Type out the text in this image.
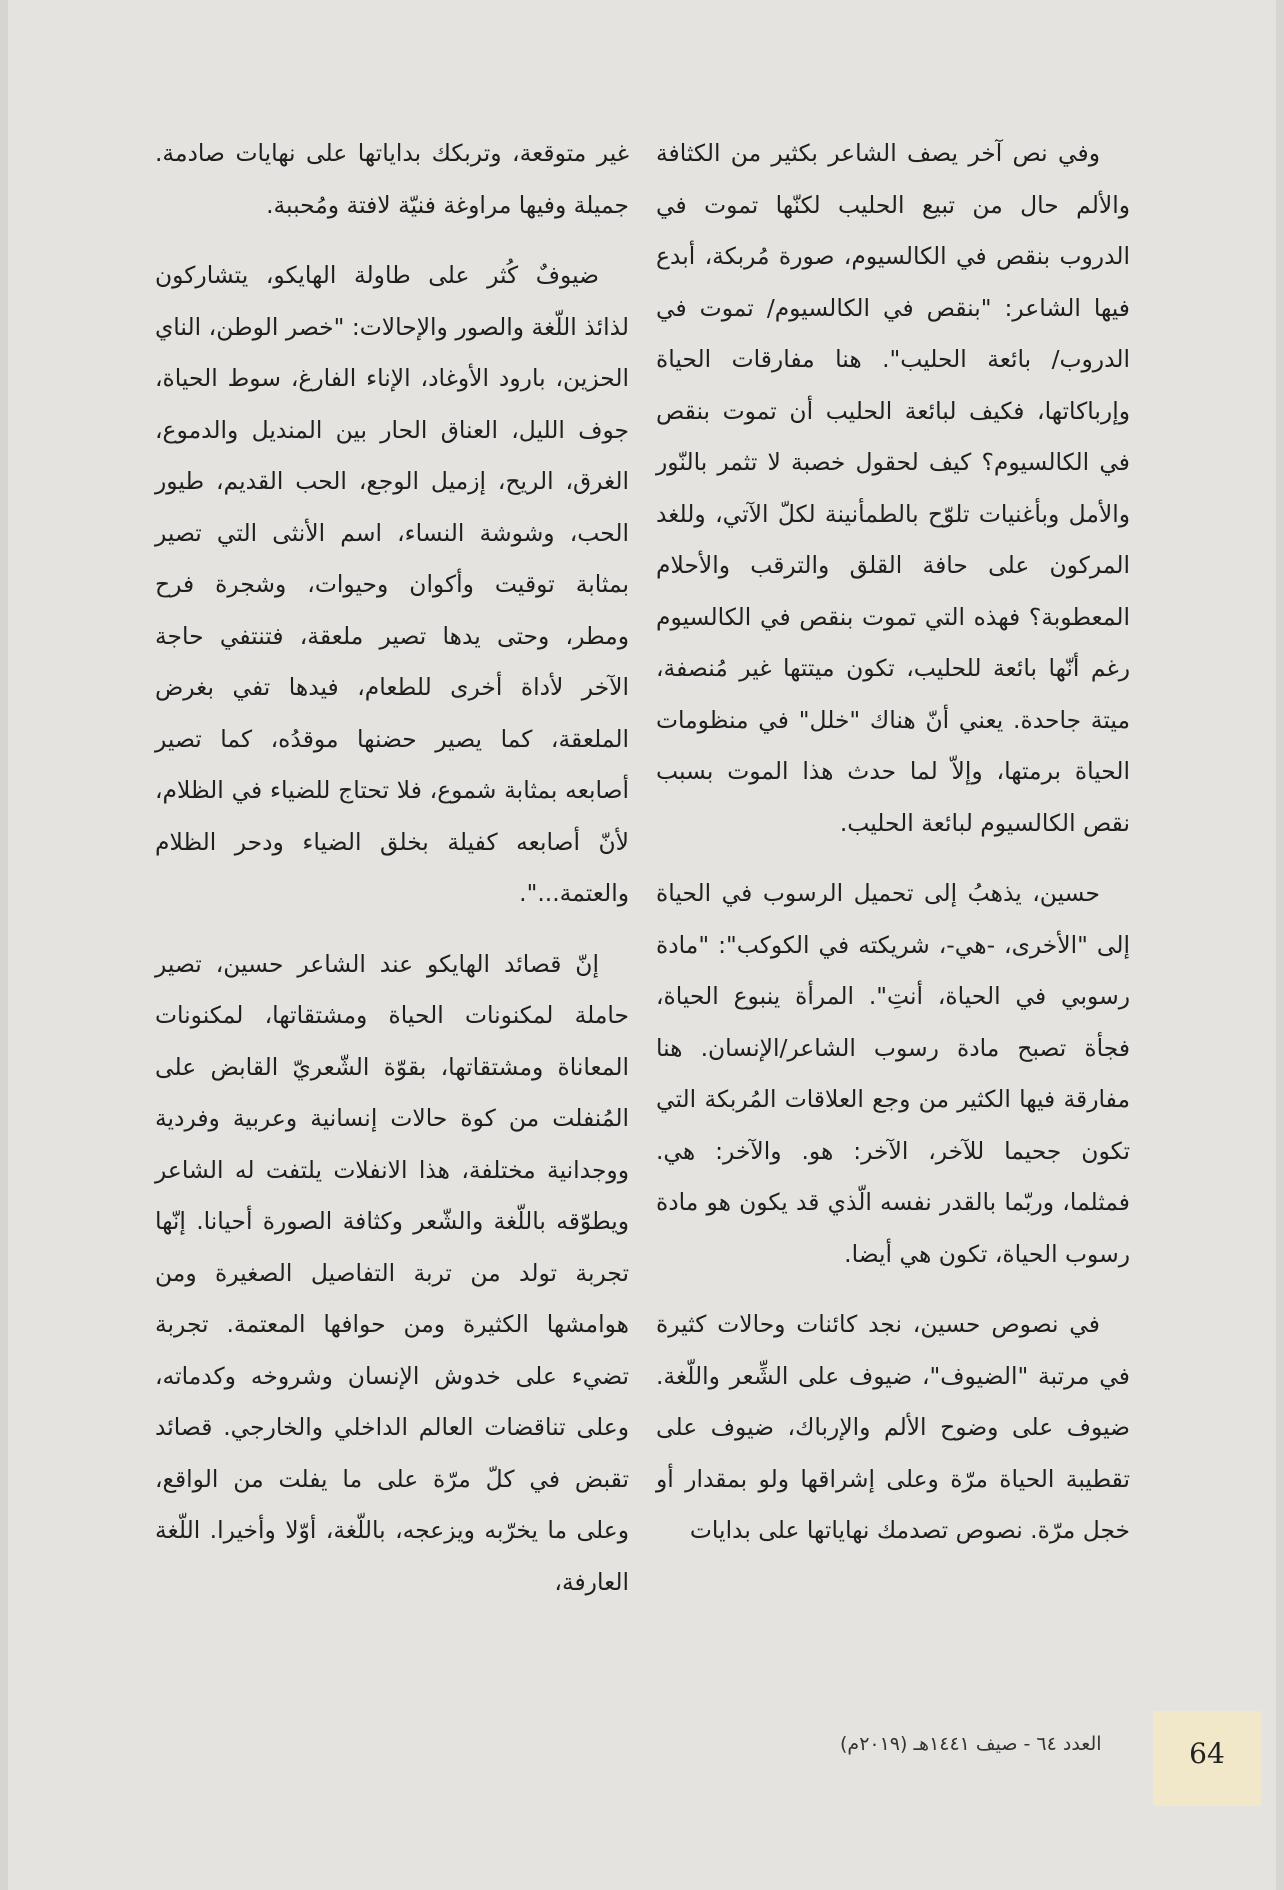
وفي نص آخر يصف الشاعر بكثير من الكثافة والألم حال من تبيع الحليب لكنّها تموت في الدروب بنقص في الكالسيوم، صورة مُربكة، أبدع فيها الشاعر: "بنقص في الكالسيوم/ تموت في الدروب/ بائعة الحليب". هنا مفارقات الحياة وإرباكاتها، فكيف لبائعة الحليب أن تموت بنقص في الكالسيوم؟ كيف لحقول خصبة لا تثمر بالنّور والأمل وبأغنيات تلوّح بالطمأنينة لكلّ الآتي، وللغد المركون على حافة القلق والترقب والأحلام المعطوبة؟ فهذه التي تموت بنقص في الكالسيوم رغم أنّها بائعة للحليب، تكون ميتتها غير مُنصفة، ميتة جاحدة. يعني أنّ هناك "خلل" في منظومات الحياة برمتها، وإلاّ لما حدث هذا الموت بسبب نقص الكالسيوم لبائعة الحليب.

حسين، يذهبُ إلى تحميل الرسوب في الحياة إلى "الأخرى، -هي-، شريكته في الكوكب": "مادة رسوبي في الحياة، أنتِ". المرأة ينبوع الحياة، فجأة تصبح مادة رسوب الشاعر/الإنسان. هنا مفارقة فيها الكثير من وجع العلاقات المُربكة التي تكون جحيما للآخر، الآخر: هو. والآخر: هي. فمثلما، وربّما بالقدر نفسه الّذي قد يكون هو مادة رسوب الحياة، تكون هي أيضا.

في نصوص حسين، نجد كائنات وحالات كثيرة في مرتبة "الضيوف"، ضيوف على الشِّعر واللّغة. ضيوف على وضوح الألم والإرباك، ضيوف على تقطيبة الحياة مرّة وعلى إشراقها ولو بمقدار أو خجل مرّة. نصوص تصدمك نهاياتها على بدايات

غير متوقعة، وتربكك بداياتها على نهايات صادمة. جميلة وفيها مراوغة فنيّة لافتة ومُحببة.

ضيوفٌ كُثر على طاولة الهايكو، يتشاركون لذائذ اللّغة والصور والإحالات: "خصر الوطن، الناي الحزين، بارود الأوغاد، الإناء الفارغ، سوط الحياة، جوف الليل، العناق الحار بين المنديل والدموع، الغرق، الريح، إزميل الوجع، الحب القديم، طيور الحب، وشوشة النساء، اسم الأنثى التي تصير بمثابة توقيت وأكوان وحيوات، وشجرة فرح ومطر، وحتى يدها تصير ملعقة، فتنتفي حاجة الآخر لأداة أخرى للطعام، فيدها تفي بغرض الملعقة، كما يصير حضنها موقدُه، كما تصير أصابعه بمثابة شموع، فلا تحتاج للضياء في الظلام، لأنّ أصابعه كفيلة بخلق الضياء ودحر الظلام والعتمة...".

إنّ قصائد الهايكو عند الشاعر حسين، تصير حاملة لمكنونات الحياة ومشتقاتها، لمكنونات المعاناة ومشتقاتها، بقوّة الشّعريّ القابض على المُنفلت من كوة حالات إنسانية وعربية وفردية ووجدانية مختلفة، هذا الانفلات يلتفت له الشاعر ويطوّقه باللّغة والشّعر وكثافة الصورة أحيانا. إنّها تجربة تولد من تربة التفاصيل الصغيرة ومن هوامشها الكثيرة ومن حوافها المعتمة. تجربة تضيء على خدوش الإنسان وشروخه وكدماته، وعلى تناقضات العالم الداخلي والخارجي. قصائد تقبض في كلّ مرّة على ما يفلت من الواقع، وعلى ما يخرّبه ويزعجه، باللّغة، أوّلا وأخيرا. اللّغة العارفة،

العدد ٦٤ - صيف ١٤٤١هـ (٢٠١٩م)	64
